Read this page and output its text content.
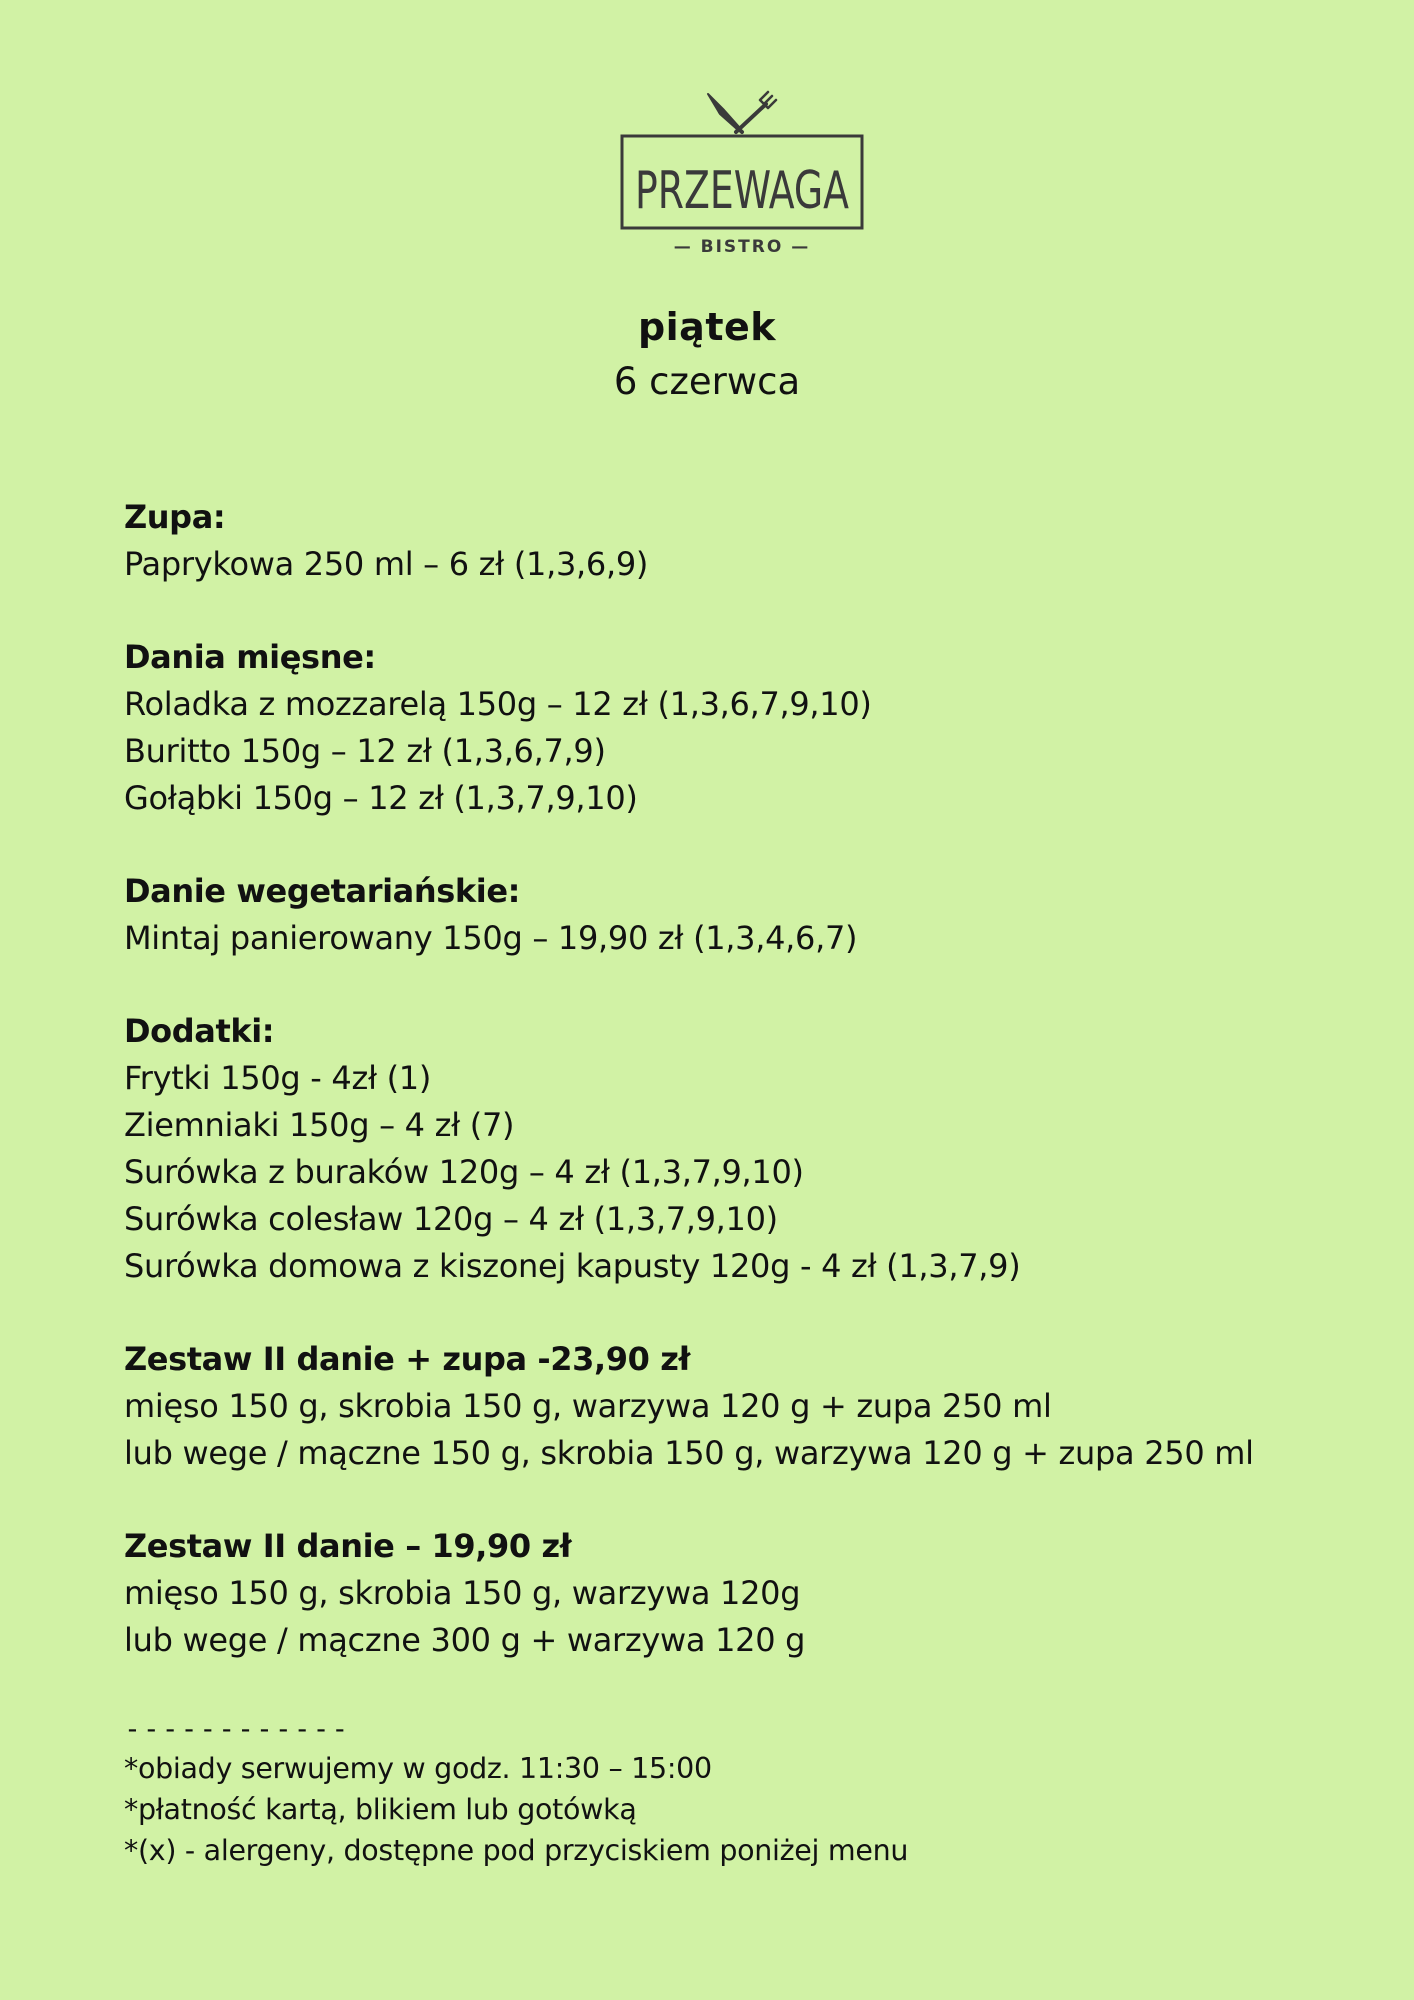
PRZEWAGA
— BISTRO —
piątek
6 czerwca
Zupa:
Paprykowa 250 ml – 6 zł (1,3,6,9)
Dania mięsne:
Roladka z mozzarelą 150g – 12 zł (1,3,6,7,9,10)
Buritto 150g – 12 zł (1,3,6,7,9)
Gołąbki 150g – 12 zł (1,3,7,9,10)
Danie wegetariańskie:
Mintaj panierowany 150g – 19,90 zł (1,3,4,6,7)
Dodatki:
Frytki 150g - 4zł (1)
Ziemniaki 150g – 4 zł (7)
Surówka z buraków 120g – 4 zł (1,3,7,9,10)
Surówka colesław 120g – 4 zł (1,3,7,9,10)
Surówka domowa z kiszonej kapusty 120g - 4 zł (1,3,7,9)
Zestaw II danie + zupa -23,90 zł
mięso 150 g, skrobia 150 g, warzywa 120 g + zupa 250 ml
lub wege / mączne 150 g, skrobia 150 g, warzywa 120 g + zupa 250 ml
Zestaw II danie – 19,90 zł
mięso 150 g, skrobia 150 g, warzywa 120g
lub wege / mączne 300 g + warzywa 120 g
------------
*obiady serwujemy w godz. 11:30 – 15:00
*płatność kartą, blikiem lub gotówką
*(x) - alergeny, dostępne pod przyciskiem poniżej menu
